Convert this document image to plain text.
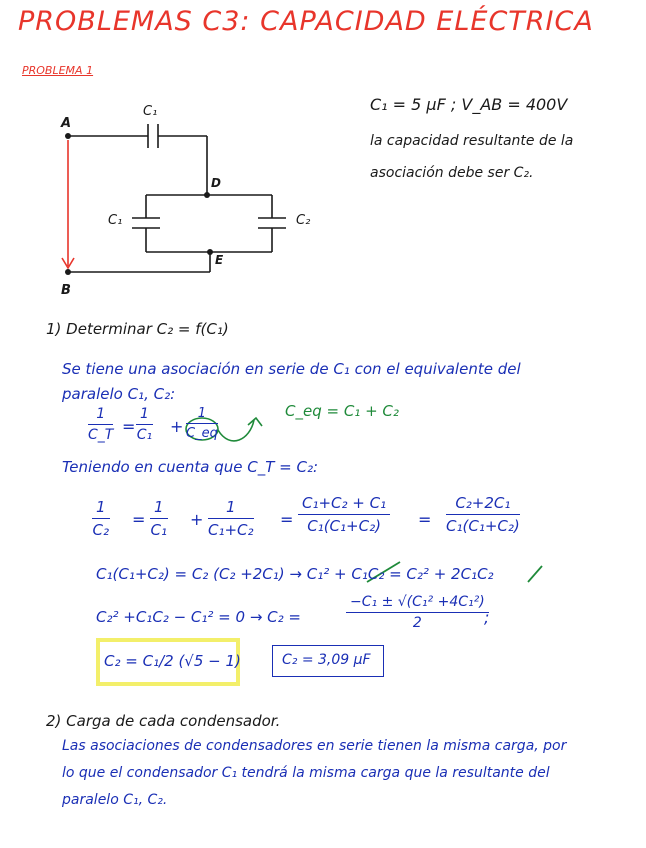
PROBLEMAS C3: CAPACIDAD ELÉCTRICA
PROBLEMA 1
A
B
D
E
C₁
C₁	C₂
C₁ = 5 μF ; V_AB = 400V
la capacidad resultante de la
asociación debe ser C₂.
1) Determinar C₂ = f(C₁)
Se tiene una asociación en serie de C₁ con el equivalente del
paralelo C₁, C₂:
$\frac{1}{C\_T} = \frac{1}{\text{C₁}} + \frac{1}{C\_eq}$	C_eq = C₁ + C₂
Teniendo en cuenta que C_T = C₂:
$\frac{1}{\text{C₂}} = \frac{1}{\text{C₁}} + \frac{1}{\text{C₁+C₂}} = \frac{\text{C₁+C₂ + C₁}}{\text{C₁(C₁+C₂)}} = \frac{\text{C₂+2C₁}}{\text{C₁(C₁+C₂)}}$
C₁(C₁+C₂) = C₂ (C₂ +2C₁) → C₁² + C₁C₂ = C₂² + 2C₁C₂
C₂² +C₁C₂ − C₁² = 0 → C₂ =	$\frac{\text{−C₁ ± √(C₁² +4C₁²)}}{2}$
;
C₂ = C₁/2 (√5 − 1)	C₂ = 3,09 μF
2) Carga de cada condensador.
Las asociaciones de condensadores en serie tienen la misma carga, por
lo que el condensador C₁ tendrá la misma carga que la resultante del
paralelo C₁, C₂.
